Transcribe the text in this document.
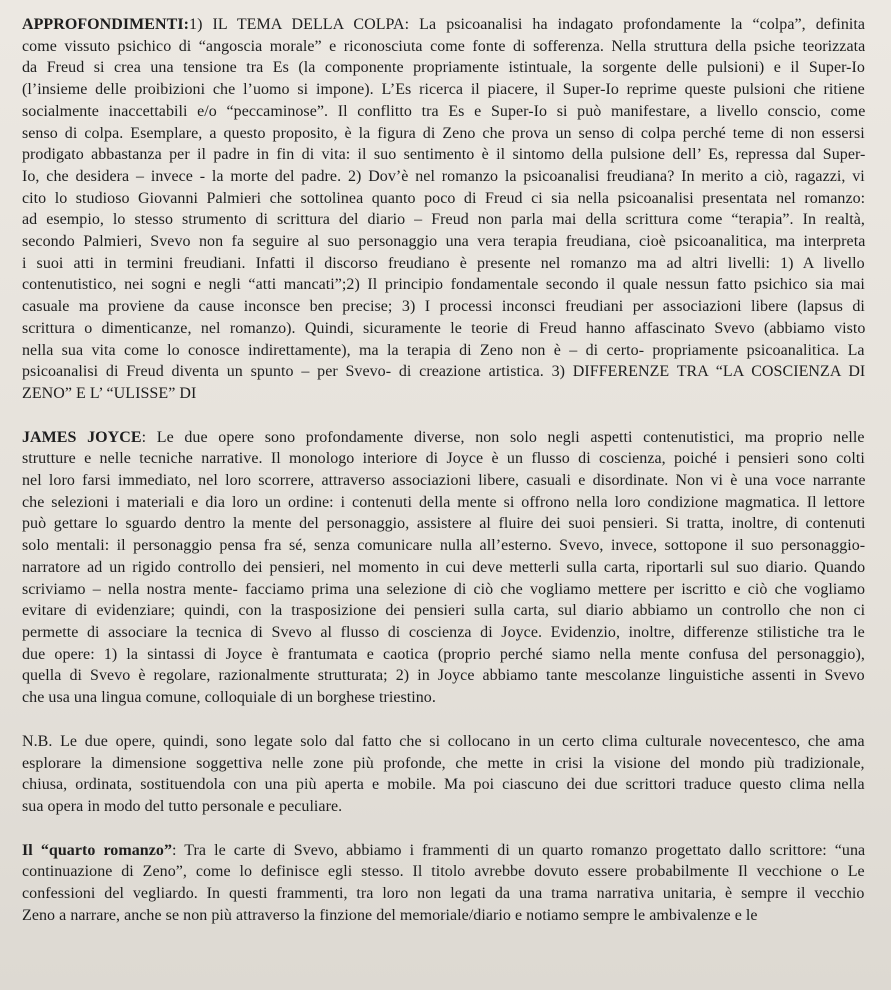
APPROFONDIMENTI:1) IL TEMA DELLA COLPA: La psicoanalisi ha indagato profondamente la “colpa”, definita
come vissuto psichico di “angoscia morale” e riconosciuta come fonte di sofferenza. Nella struttura della psiche teorizzata
da Freud si crea una tensione tra Es (la componente propriamente istintuale, la sorgente delle pulsioni) e il Super-Io
(l’insieme delle proibizioni che l’uomo si impone). L’Es ricerca il piacere, il Super-Io reprime queste pulsioni che ritiene
socialmente inaccettabili e/o “peccaminose”. Il conflitto tra Es e Super-Io si può manifestare, a livello conscio, come
senso di colpa. Esemplare, a questo proposito, è la figura di Zeno che prova un senso di colpa perché teme di non essersi
prodigato abbastanza per il padre in fin di vita: il suo sentimento è il sintomo della pulsione dell’ Es, repressa dal Super-
Io, che desidera – invece - la morte del padre. 2) Dov’è nel romanzo la psicoanalisi freudiana? In merito a ciò, ragazzi, vi
cito lo studioso Giovanni Palmieri che sottolinea quanto poco di Freud ci sia nella psicoanalisi presentata nel romanzo:
ad esempio, lo stesso strumento di scrittura del diario – Freud non parla mai della scrittura come “terapia”. In realtà,
secondo Palmieri, Svevo non fa seguire al suo personaggio una vera terapia freudiana, cioè psicoanalitica, ma interpreta
i suoi atti in termini freudiani. Infatti il discorso freudiano è presente nel romanzo ma ad altri livelli: 1) A livello
contenutistico, nei sogni e negli “atti mancati”;2) Il principio fondamentale secondo il quale nessun fatto psichico sia mai
casuale ma proviene da cause inconsce ben precise; 3) I processi inconsci freudiani per associazioni libere (lapsus di
scrittura o dimenticanze, nel romanzo). Quindi, sicuramente le teorie di Freud hanno affascinato Svevo (abbiamo visto
nella sua vita come lo conosce indirettamente), ma la terapia di Zeno non è – di certo- propriamente psicoanalitica. La
psicoanalisi di Freud diventa un spunto – per Svevo- di creazione artistica. 3) DIFFERENZE TRA “LA COSCIENZA DI
ZENO” E L’ “ULISSE” DI

JAMES JOYCE: Le due opere sono profondamente diverse, non solo negli aspetti contenutistici, ma proprio nelle
strutture e nelle tecniche narrative. Il monologo interiore di Joyce è un flusso di coscienza, poiché i pensieri sono colti
nel loro farsi immediato, nel loro scorrere, attraverso associazioni libere, casuali e disordinate. Non vi è una voce narrante
che selezioni i materiali e dia loro un ordine: i contenuti della mente si offrono nella loro condizione magmatica. Il lettore
può gettare lo sguardo dentro la mente del personaggio, assistere al fluire dei suoi pensieri. Si tratta, inoltre, di contenuti
solo mentali: il personaggio pensa fra sé, senza comunicare nulla all’esterno. Svevo, invece, sottopone il suo personaggio-
narratore ad un rigido controllo dei pensieri, nel momento in cui deve metterli sulla carta, riportarli sul suo diario. Quando
scriviamo – nella nostra mente- facciamo prima una selezione di ciò che vogliamo mettere per iscritto e ciò che vogliamo
evitare di evidenziare; quindi, con la trasposizione dei pensieri sulla carta, sul diario abbiamo un controllo che non ci
permette di associare la tecnica di Svevo al flusso di coscienza di Joyce. Evidenzio, inoltre, differenze stilistiche tra le
due opere: 1) la sintassi di Joyce è frantumata e caotica (proprio perché siamo nella mente confusa del personaggio),
quella di Svevo è regolare, razionalmente strutturata; 2) in Joyce abbiamo tante mescolanze linguistiche assenti in Svevo
che usa una lingua comune, colloquiale di un borghese triestino.

N.B. Le due opere, quindi, sono legate solo dal fatto che si collocano in un certo clima culturale novecentesco, che ama
esplorare la dimensione soggettiva nelle zone più profonde, che mette in crisi la visione del mondo più tradizionale,
chiusa, ordinata, sostituendola con una più aperta e mobile. Ma poi ciascuno dei due scrittori traduce questo clima nella
sua opera in modo del tutto personale e peculiare.

Il “quarto romanzo”: Tra le carte di Svevo, abbiamo i frammenti di un quarto romanzo progettato dallo scrittore: “una
continuazione di Zeno”, come lo definisce egli stesso. Il titolo avrebbe dovuto essere probabilmente Il vecchione o Le
confessioni del vegliardo. In questi frammenti, tra loro non legati da una trama narrativa unitaria, è sempre il vecchio
Zeno a narrare, anche se non più attraverso la finzione del memoriale/diario e notiamo sempre le ambivalenze e le
